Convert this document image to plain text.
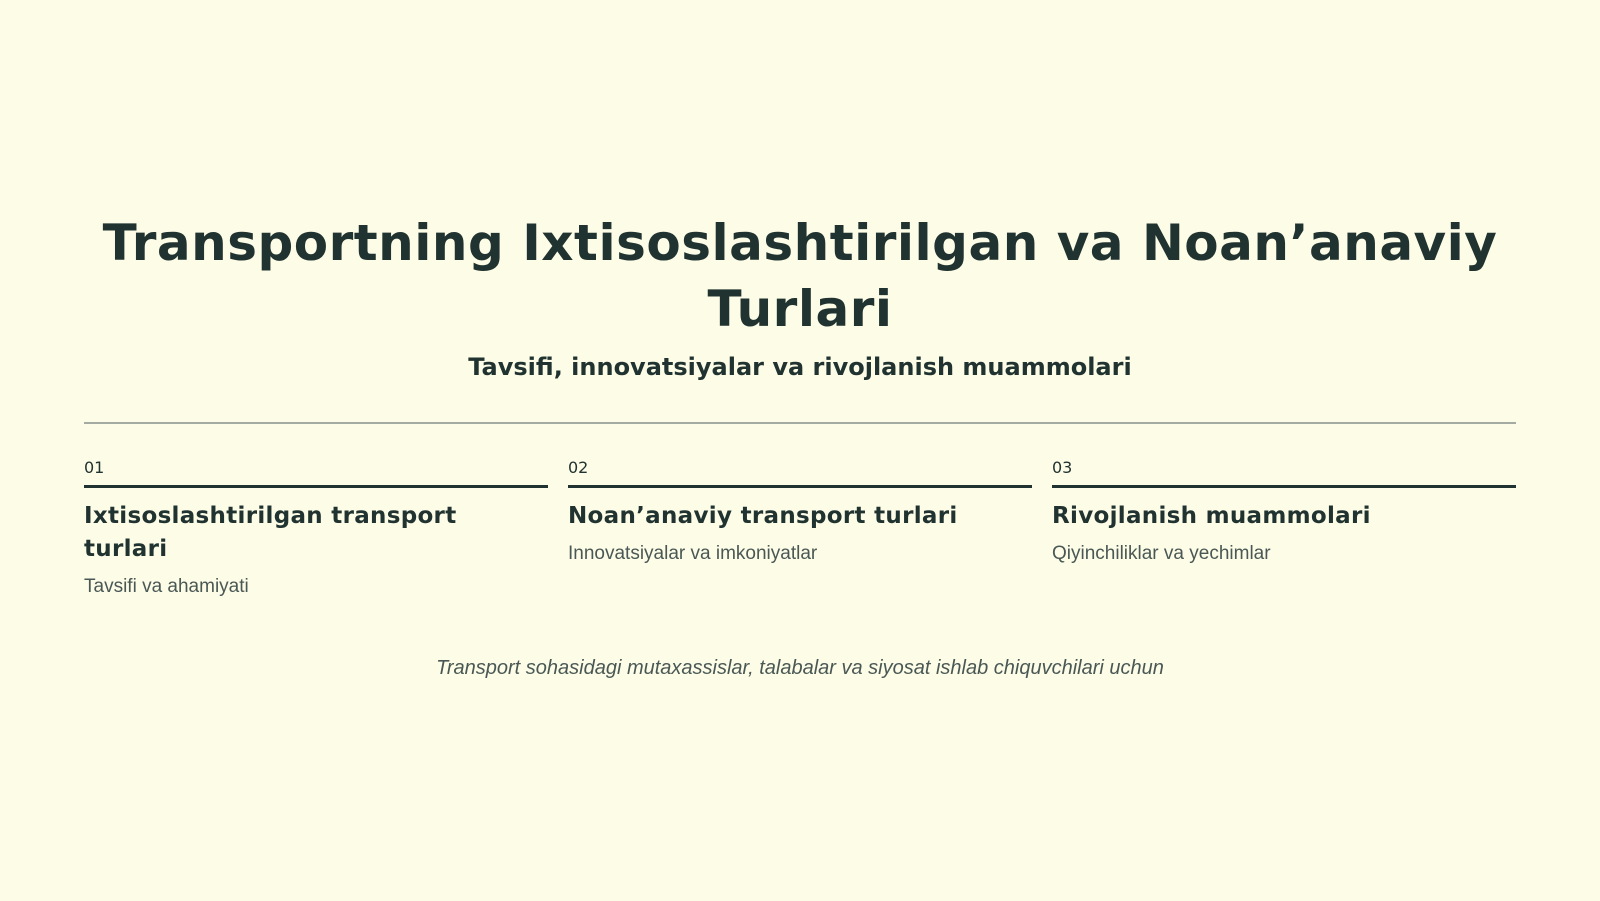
Transportning Ixtisoslashtirilgan va Noan’anaviy Turlari
Tavsifi, innovatsiyalar va rivojlanish muammolari
01
Ixtisoslashtirilgan transport turlari
Tavsifi va ahamiyati
02
Noan’anaviy transport turlari
Innovatsiyalar va imkoniyatlar
03
Rivojlanish muammolari
Qiyinchiliklar va yechimlar
Transport sohasidagi mutaxassislar, talabalar va siyosat ishlab chiquvchilari uchun
